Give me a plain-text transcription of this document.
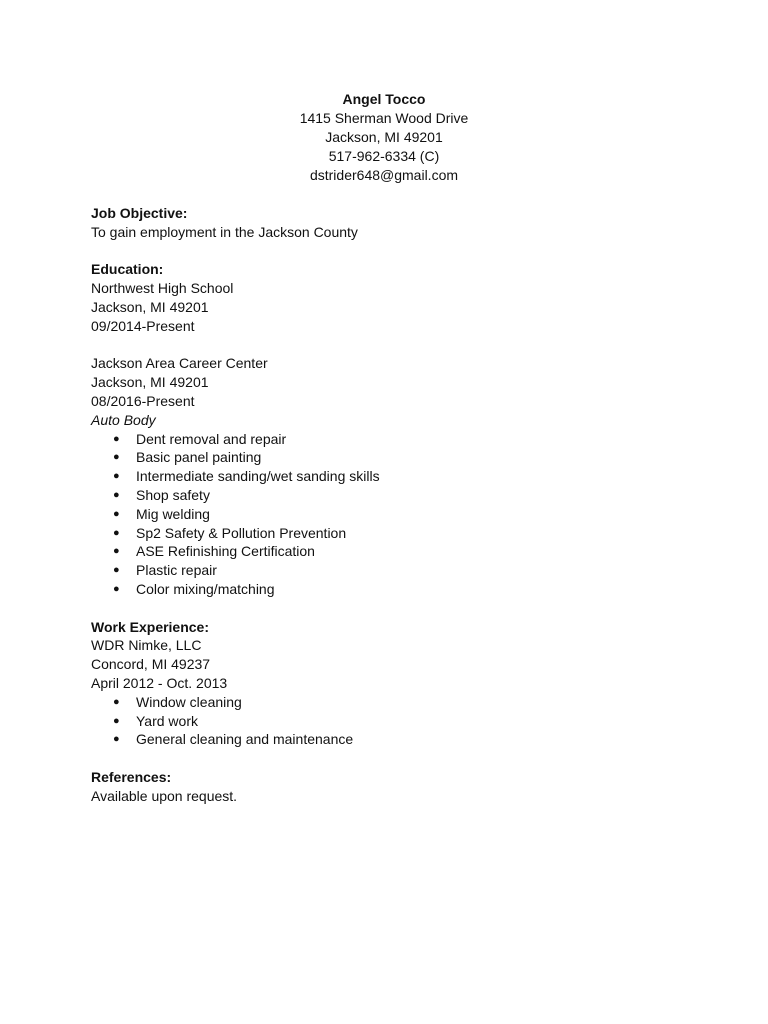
Angel Tocco
1415 Sherman Wood Drive
Jackson, MI 49201
517-962-6334 (C)
dstrider648@gmail.com
Job Objective:
To gain employment in the Jackson County
Education:
Northwest High School
Jackson, MI 49201
09/2014-Present
Jackson Area Career Center
Jackson, MI 49201
08/2016-Present
Auto Body
● Dent removal and repair
● Basic panel painting
● Intermediate sanding/wet sanding skills
● Shop safety
● Mig welding
● Sp2 Safety & Pollution Prevention
● ASE Refinishing Certification
● Plastic repair
● Color mixing/matching
Work Experience:
WDR Nimke, LLC
Concord, MI 49237
April 2012 - Oct. 2013
● Window cleaning
● Yard work
● General cleaning and maintenance
References:
Available upon request.
